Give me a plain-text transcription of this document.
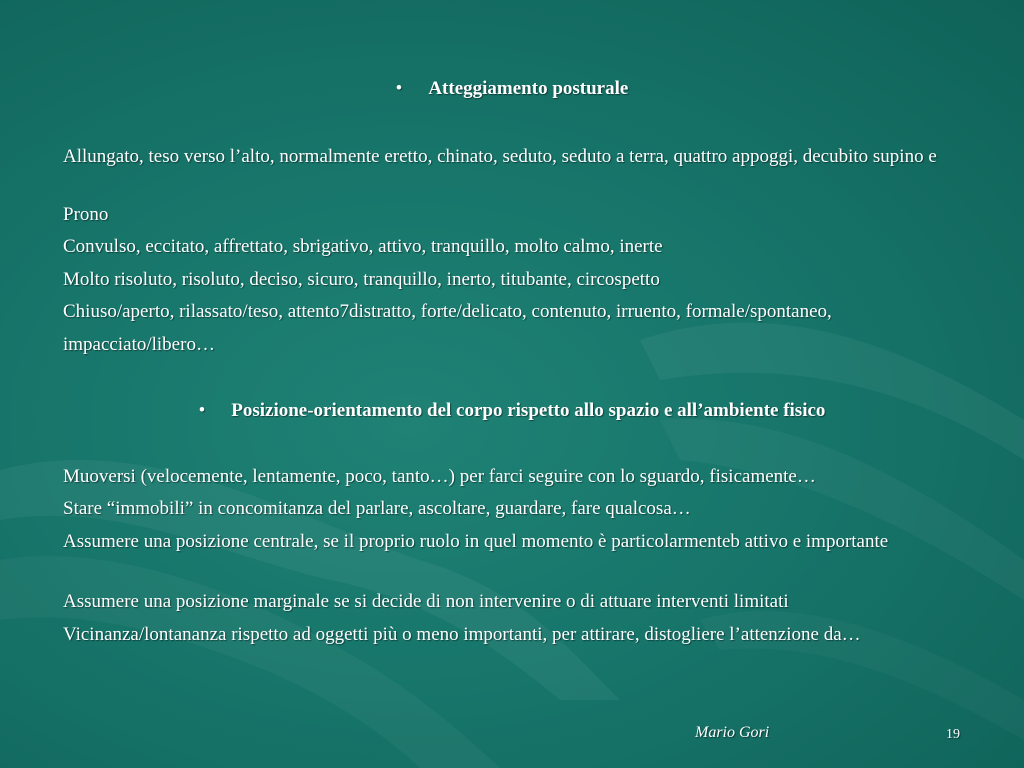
• Atteggiamento posturale
Allungato, teso verso l’alto, normalmente eretto, chinato, seduto, seduto a terra, quattro appoggi, decubito supino e
Prono
Convulso, eccitato, affrettato, sbrigativo, attivo, tranquillo, molto calmo, inerte
Molto risoluto, risoluto, deciso, sicuro, tranquillo, inerto, titubante, circospetto
Chiuso/aperto, rilassato/teso, attento7distratto, forte/delicato, contenuto, irruento, formale/spontaneo,
impacciato/libero…
• Posizione-orientamento del corpo rispetto allo spazio e all’ambiente fisico
Muoversi (velocemente, lentamente, poco, tanto…) per farci seguire con lo sguardo, fisicamente…
Stare “immobili” in concomitanza del parlare, ascoltare, guardare, fare qualcosa…
Assumere una posizione centrale, se il proprio ruolo in quel momento è particolarmenteb attivo e importante
Assumere una posizione marginale se si decide di non intervenire o di attuare interventi limitati
Vicinanza/lontananza rispetto ad oggetti più o meno importanti, per attirare, distogliere l’attenzione da…
Mario Gori	19
